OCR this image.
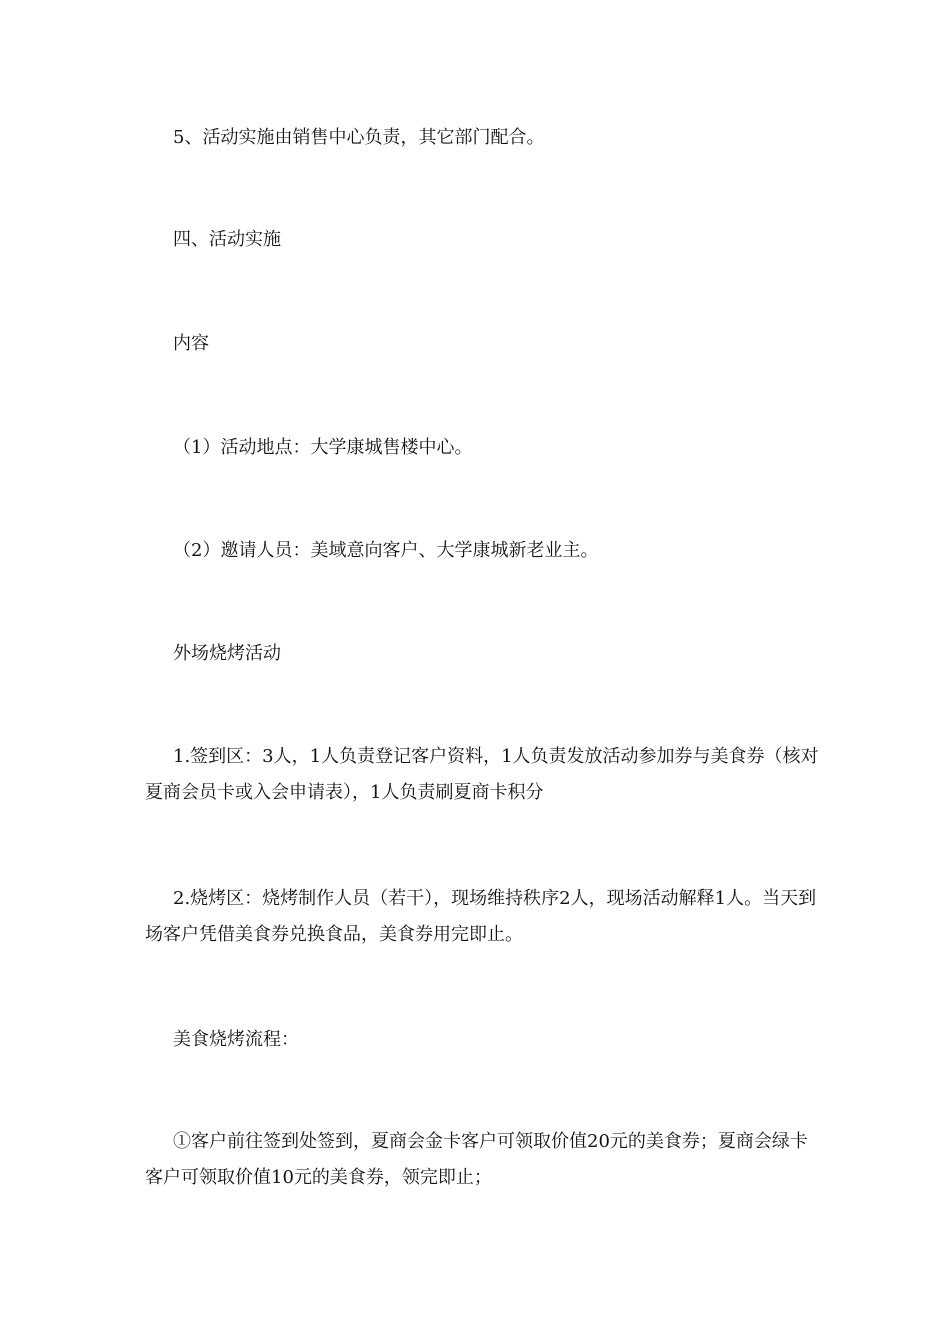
5、活动实施由销售中心负责，其它部门配合。
四、活动实施
内容
（1）活动地点：大学康城售楼中心。
（2）邀请人员：美域意向客户、大学康城新老业主。
外场烧烤活动
1.签到区：3人，1人负责登记客户资料，1人负责发放活动参加券与美食券（核对夏商会员卡或入会申请表），1人负责刷夏商卡积分
2.烧烤区：烧烤制作人员（若干），现场维持秩序2人，现场活动解释1人。当天到场客户凭借美食券兑换食品，美食券用完即止。
美食烧烤流程：
①客户前往签到处签到，夏商会金卡客户可领取价值20元的美食券；夏商会绿卡客户可领取价值10元的美食券，领完即止；
